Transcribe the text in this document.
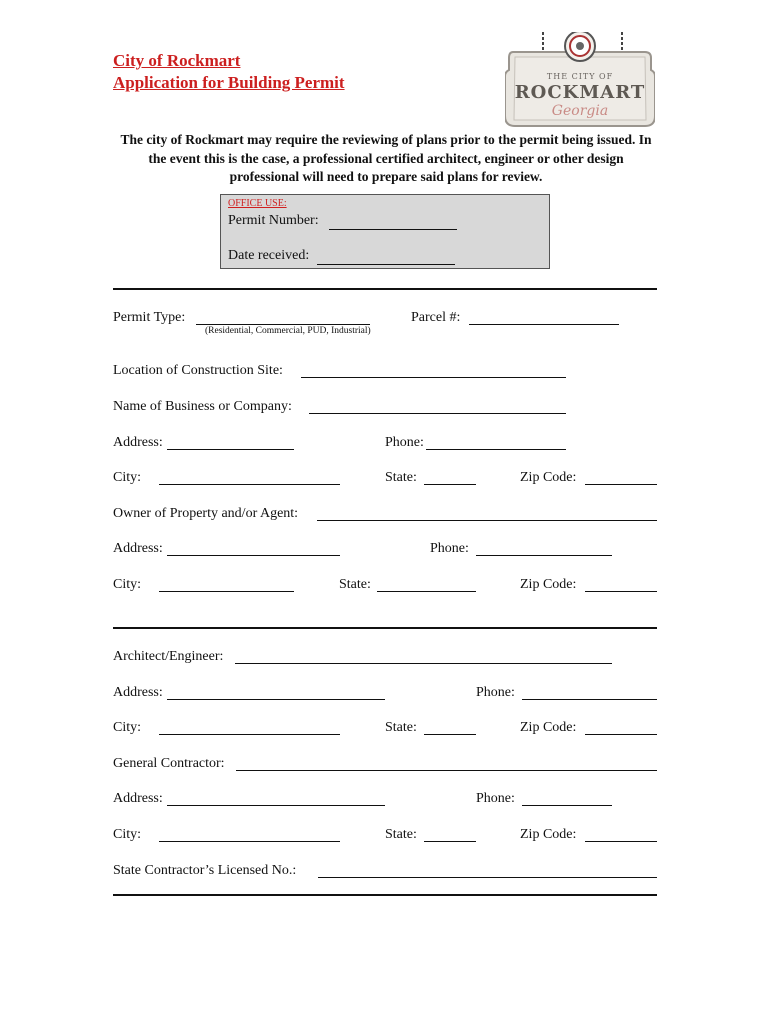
City of Rockmart
Application for Building Permit	THE CITY OF
ROCKMART
Georgia
The city of Rockmart may require the reviewing of plans prior to the permit being issued. In the event this is the case, a professional certified architect, engineer or other design professional will need to prepare said plans for review.
OFFICE USE:
Permit Number:
Date received:
Permit Type:
(Residential, Commercial, PUD, Industrial)
Parcel #:
Location of Construction Site:
Name of Business or Company:
Address:	Phone:
City:	State:	Zip Code:
Owner of Property and/or Agent:
Address:	Phone:
City:	State:	Zip Code:
Architect/Engineer:
Address:	Phone:
City:	State:	Zip Code:
General Contractor:
Address:	Phone:
City:	State:	Zip Code:
State Contractor’s Licensed No.:
